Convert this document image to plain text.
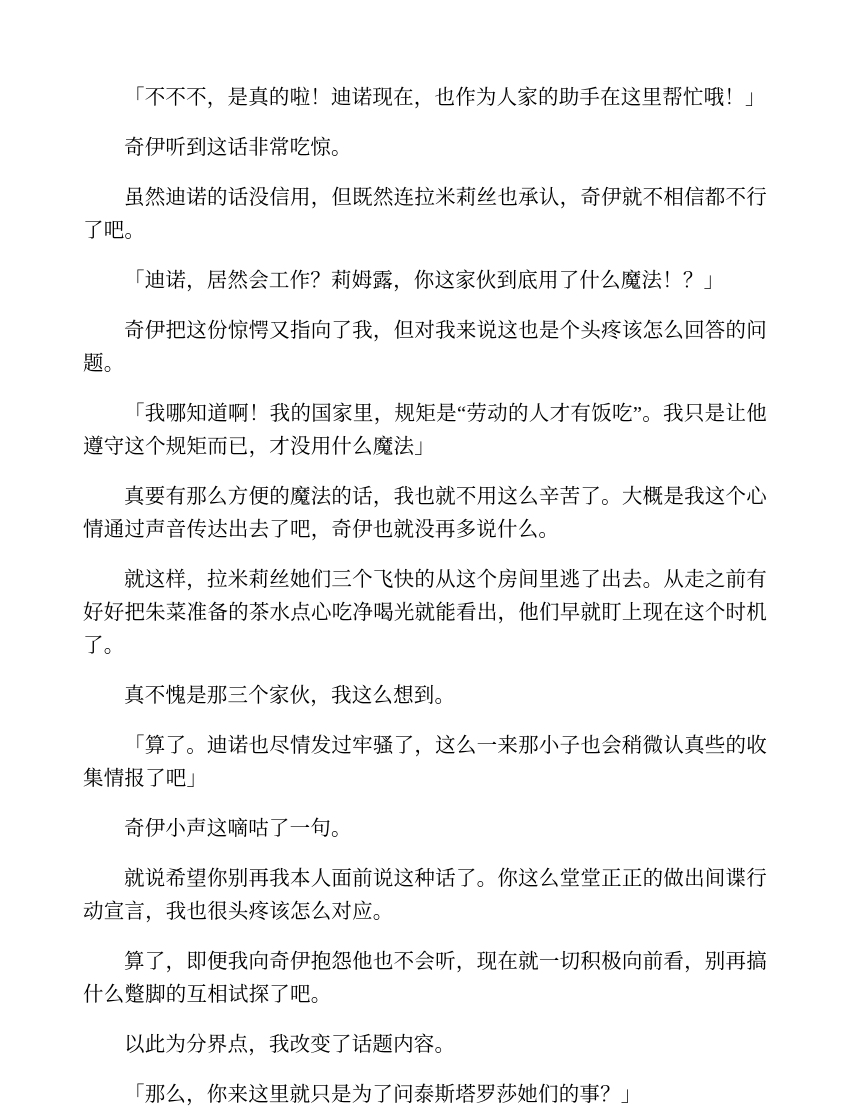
「不不不，是真的啦！迪诺现在，也作为人家的助手在这里帮忙哦！」

奇伊听到这话非常吃惊。

虽然迪诺的话没信用，但既然连拉米莉丝也承认，奇伊就不相信都不行了吧。

「迪诺，居然会工作？莉姆露，你这家伙到底用了什么魔法！？」

奇伊把这份惊愕又指向了我，但对我来说这也是个头疼该怎么回答的问题。

「我哪知道啊！我的国家里，规矩是“劳动的人才有饭吃”。我只是让他遵守这个规矩而已，才没用什么魔法」

真要有那么方便的魔法的话，我也就不用这么辛苦了。大概是我这个心情通过声音传达出去了吧，奇伊也就没再多说什么。

就这样，拉米莉丝她们三个飞快的从这个房间里逃了出去。从走之前有好好把朱菜准备的茶水点心吃净喝光就能看出，他们早就盯上现在这个时机了。

真不愧是那三个家伙，我这么想到。

「算了。迪诺也尽情发过牢骚了，这么一来那小子也会稍微认真些的收集情报了吧」

奇伊小声这嘀咕了一句。

就说希望你别再我本人面前说这种话了。你这么堂堂正正的做出间谍行动宣言，我也很头疼该怎么对应。

算了，即便我向奇伊抱怨他也不会听，现在就一切积极向前看，别再搞什么蹩脚的互相试探了吧。

以此为分界点，我改变了话题内容。

「那么，你来这里就只是为了问泰斯塔罗莎她们的事？」
